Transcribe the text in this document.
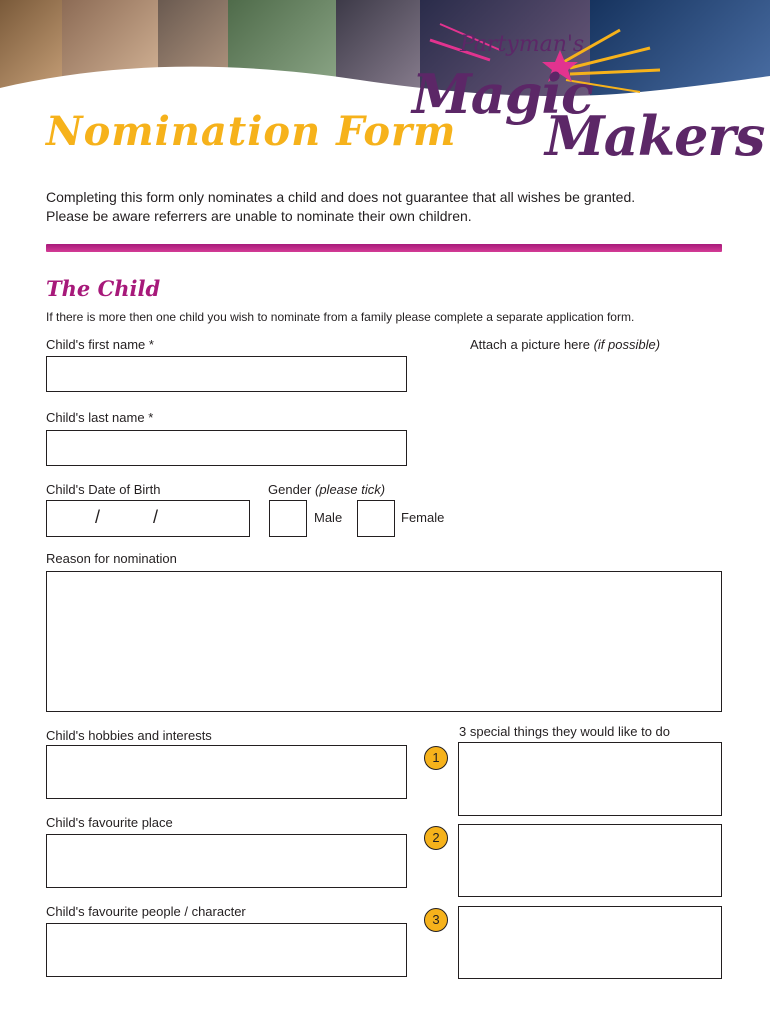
Partyman's
Magic
Makers
Nomination Form
Completing this form only nominates a child and does not guarantee that all wishes be granted.
Please be aware referrers are unable to nominate their own children.
The Child
If there is more then one child you wish to nominate from a family please complete a separate application form.
Child's first name *	Attach a picture here (if possible)
Child's last name *
Child's Date of Birth
/	/
Gender (please tick)
Male	Female
Reason for nomination
Child's hobbies and interests
Child's favourite place
Child's favourite people / character
3 special things they would like to do
1
2
3
